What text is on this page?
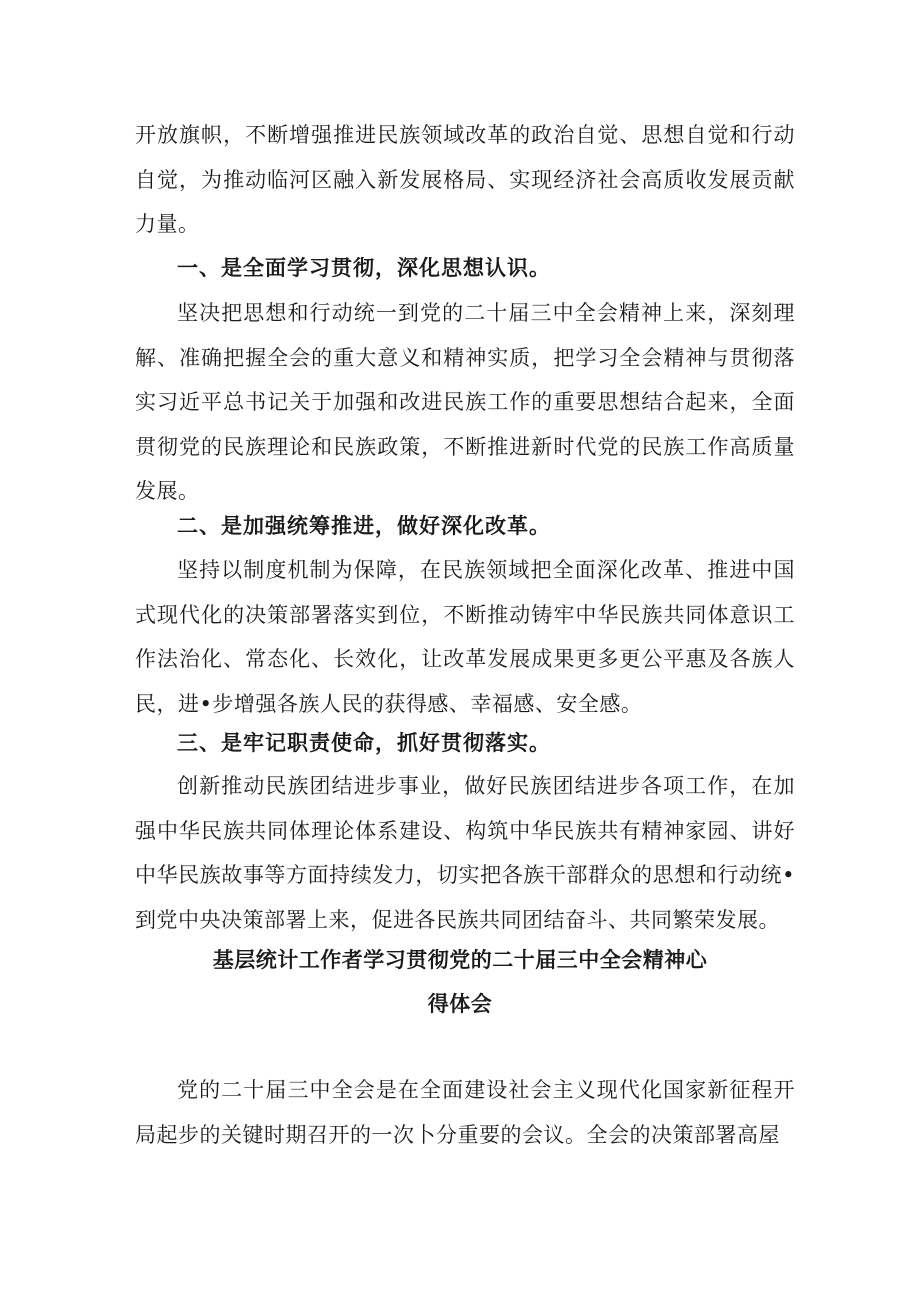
开放旗帜，不断增强推进民族领域改革的政治自觉、思想自觉和行动自觉，为推动临河区融入新发展格局、实现经济社会高质收发展贡献力量。

一、是全面学习贯彻，深化思想认识。

坚决把思想和行动统一到党的二十届三中全会精神上来，深刻理解、准确把握全会的重大意义和精神实质，把学习全会精神与贯彻落实习近平总书记关于加强和改进民族工作的重要思想结合起来，全面贯彻党的民族理论和民族政策，不断推进新时代党的民族工作高质量发展。

二、是加强统筹推进，做好深化改革。

坚持以制度机制为保障，在民族领域把全面深化改革、推进中国式现代化的决策部署落实到位，不断推动铸牢中华民族共同体意识工作法治化、常态化、长效化，让改革发展成果更多更公平惠及各族人民，进•步增强各族人民的获得感、幸福感、安全感。

三、是牢记职责使命，抓好贯彻落实。

创新推动民族团结进步事业，做好民族团结进步各项工作，在加强中华民族共同体理论体系建设、构筑中华民族共有精神家园、讲好中华民族故事等方面持续发力，切实把各族干部群众的思想和行动统•到党中央决策部署上来，促进各民族共同团结奋斗、共同繁荣发展。

基层统计工作者学习贯彻党的二十届三中全会精神心

得体会

党的二十届三中全会是在全面建设社会主义现代化国家新征程开局起步的关键时期召开的一次卜分重要的会议。全会的决策部署高屋
